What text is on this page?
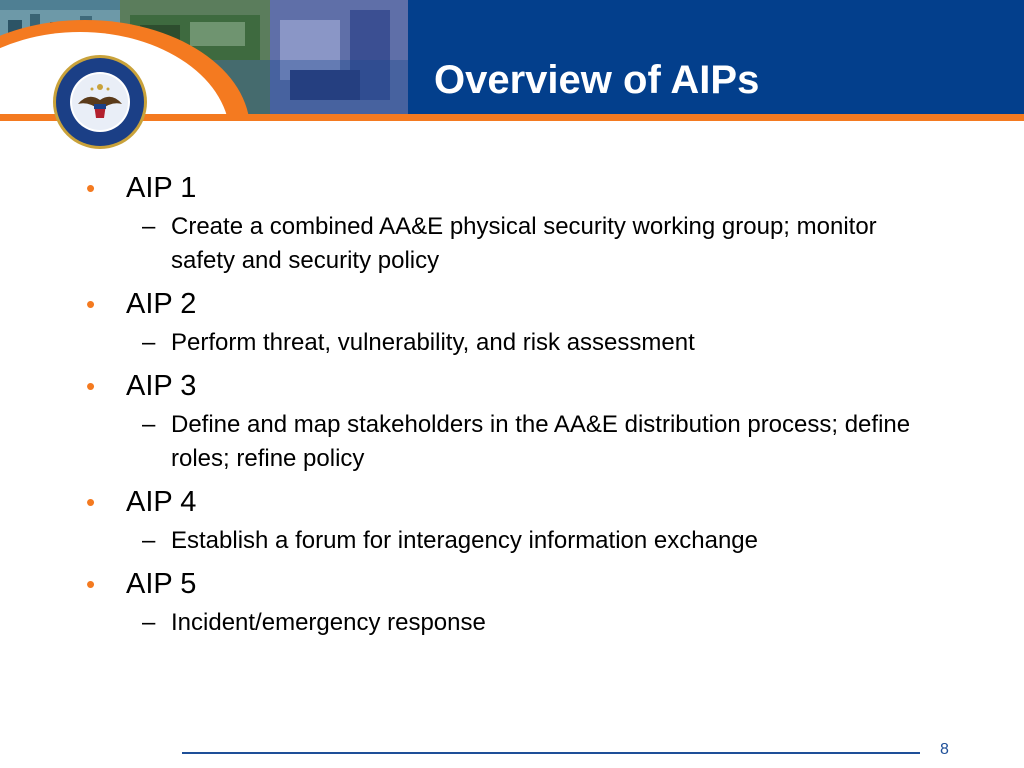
Overview of AIPs
• AIP 1
– Create a combined AA&E physical security working group; monitor safety and security policy
• AIP 2
– Perform threat, vulnerability, and risk assessment
• AIP 3
– Define and map stakeholders in the AA&E distribution process; define roles; refine policy
• AIP 4
– Establish a forum for interagency information exchange
• AIP 5
– Incident/emergency response
8
